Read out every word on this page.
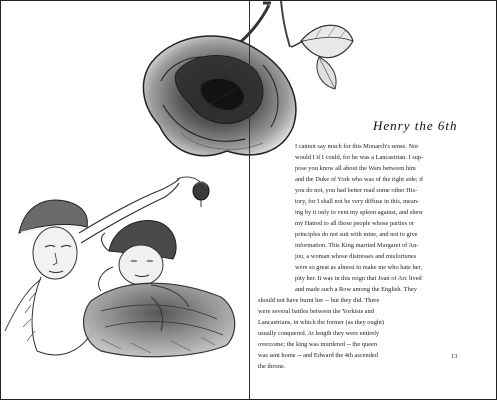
Henry the 6th
I cannot say much for this Monarch's sense. Nor
would I if I could, for he was a Lancastrian. I sup-
pose you know all about the Wars between him
and the Duke of York who was of the right side; if
you do not, you had better read some other His-
tory, for I shall not be very diffuse in this, mean-
ing by it only to vent my spleen against, and shew
my Hatred to all those people whose parties or
principles do not suit with mine, and not to give
information. This King married Margaret of An-
jou, a woman whose distresses and misfortunes
were so great as almost to make me who hate her,
pity her. It was in this reign that Joan of Arc lived
and made such a Row among the English. They
should not have burnt her -- but they did. There
were several battles between the Yorkists and
Lancastrians, in which the former (as they ought)
usually conquered. At length they were entirely
overcome; the king was murdered -- the queen
was sent home -- and Edward the 4th ascended
the throne.
13
